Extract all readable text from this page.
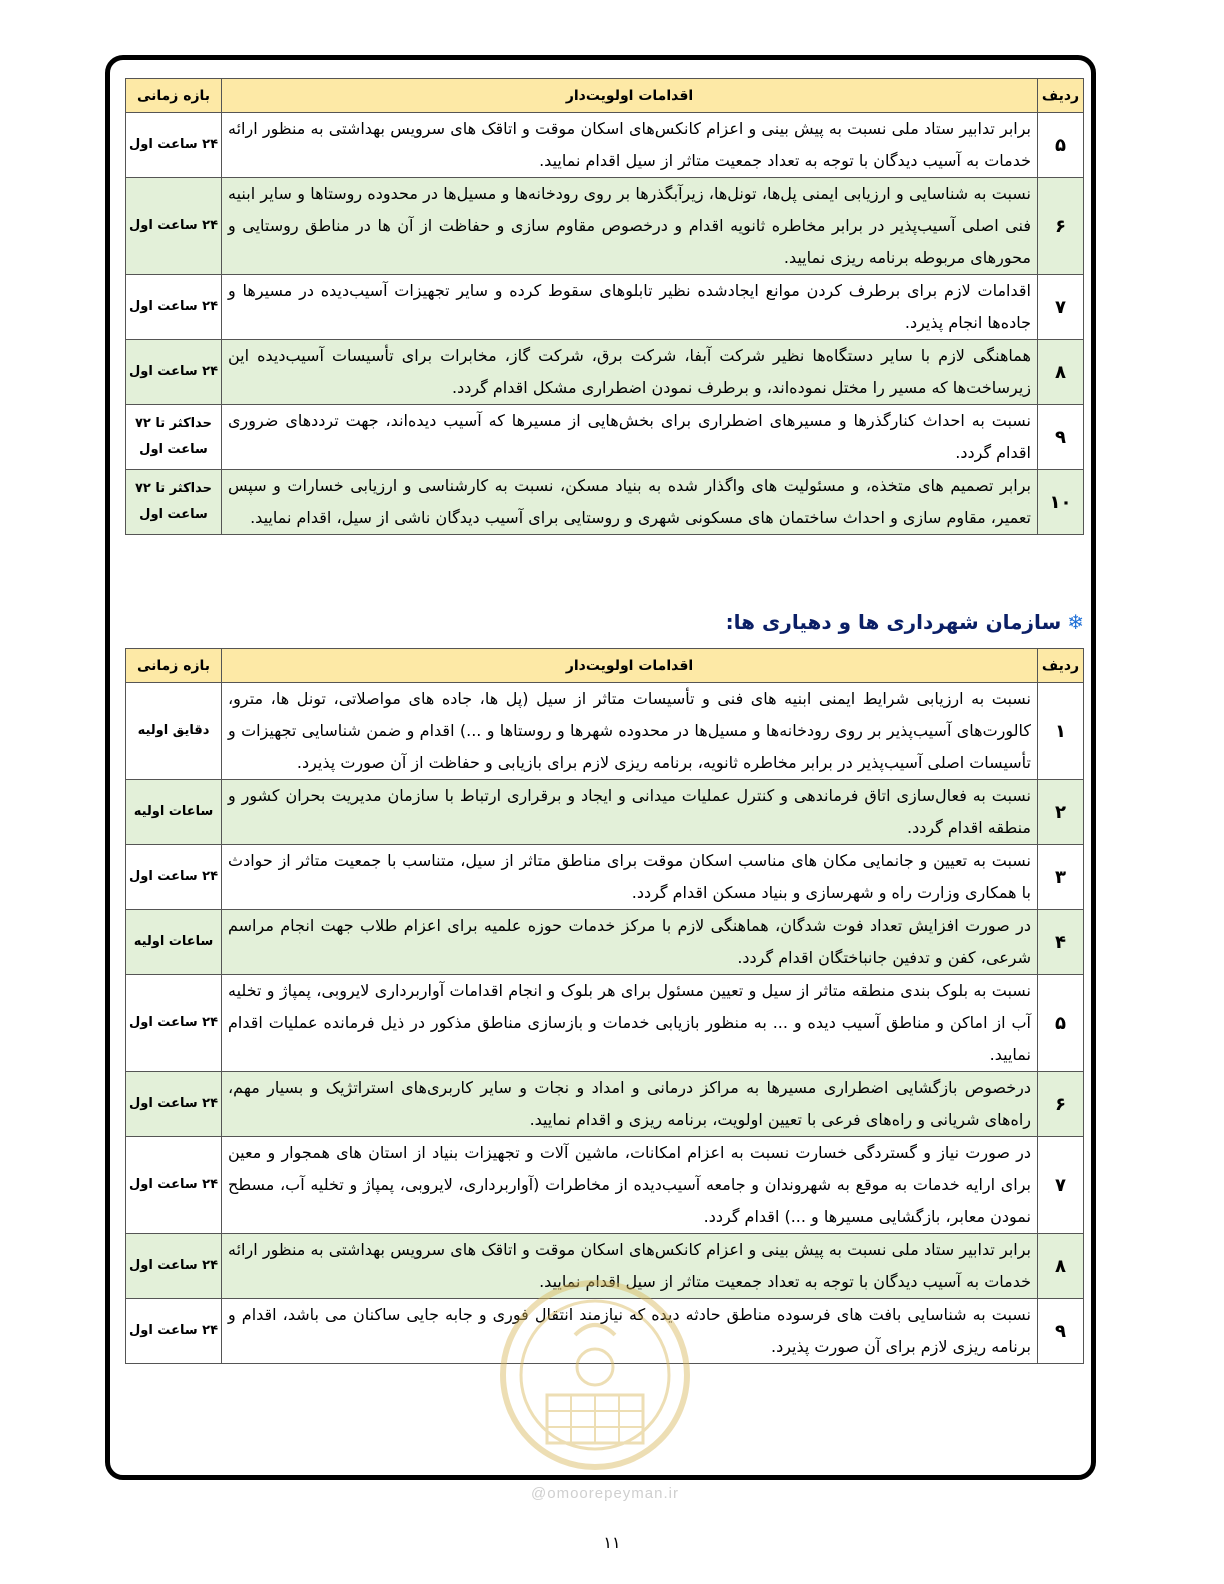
ردیف	اقدامات اولویت‌دار	بازه زمانی
۵	برابر تدابیر ستاد ملی نسبت به پیش بینی و اعزام کانکس‌های اسکان موقت و اتاقک های سرویس بهداشتی به منظور ارائه خدمات به آسیب دیدگان با توجه به تعداد جمعیت متاثر از سیل اقدام نمایید.	۲۴ ساعت اول
۶	نسبت به شناسایی و ارزیابی ایمنی پل‌ها، تونل‌ها، زیرآبگذرها بر روی رودخانه‌ها و مسیل‌ها در محدوده روستاها و سایر ابنیه فنی اصلی آسیب‌پذیر در برابر مخاطره ثانویه اقدام و درخصوص مقاوم سازی و حفاظت از آن ها در مناطق روستایی و محورهای مربوطه برنامه ریزی نمایید.	۲۴ ساعت اول
۷	اقدامات لازم برای برطرف کردن موانع ایجادشده نظیر تابلوهای سقوط کرده و سایر تجهیزات آسیب‌دیده در مسیرها و جاده‌ها انجام پذیرد.	۲۴ ساعت اول
۸	هماهنگی لازم با سایر دستگاه‌ها نظیر شرکت آبفا، شرکت برق، شرکت گاز، مخابرات برای تأسیسات آسیب‌دیده این زیرساخت‌ها که مسیر را مختل نموده‌اند، و برطرف نمودن اضطراری مشکل اقدام گردد.	۲۴ ساعت اول
۹	نسبت به احداث کنارگذرها و مسیرهای اضطراری برای بخش‌هایی از مسیرها که آسیب دیده‌اند، جهت ترددهای ضروری اقدام گردد.	حداکثر تا ۷۲ ساعت اول
۱۰	برابر تصمیم های متخذه، و مسئولیت های واگذار شده به بنیاد مسکن، نسبت به کارشناسی و ارزیابی خسارات و سپس تعمیر، مقاوم سازی و احداث ساختمان های مسکونی شهری و روستایی برای آسیب دیدگان ناشی از سیل، اقدام نمایید.	حداکثر تا ۷۲ ساعت اول
❄سازمان شهرداری ها و دهیاری ها:
ردیف	اقدامات اولویت‌دار	بازه زمانی
۱	نسبت به ارزیابی شرایط ایمنی ابنیه های فنی و تأسیسات متاثر از سیل (پل ها، جاده های مواصلاتی، تونل ها، مترو، کالورت‌های آسیب‌پذیر بر روی رودخانه‌ها و مسیل‌ها در محدوده شهرها و روستاها و ...) اقدام و ضمن شناسایی تجهیزات و تأسیسات اصلی آسیب‌پذیر در برابر مخاطره ثانویه، برنامه ریزی لازم برای بازیابی و حفاظت از آن صورت پذیرد.	دقایق اولیه
۲	نسبت به فعال‌سازی اتاق فرماندهی و کنترل عملیات میدانی و ایجاد و برقراری ارتباط با سازمان مدیریت بحران کشور و منطقه اقدام گردد.	ساعات اولیه
۳	نسبت به تعیین و جانمایی مکان های مناسب اسکان موقت برای مناطق متاثر از سیل، متناسب با جمعیت متاثر از حوادث با همکاری وزارت راه و شهرسازی و بنیاد مسکن اقدام گردد.	۲۴ ساعت اول
۴	در صورت افزایش تعداد فوت شدگان، هماهنگی لازم با مرکز خدمات حوزه علمیه برای اعزام طلاب جهت انجام مراسم شرعی، کفن و تدفین جانباختگان اقدام گردد.	ساعات اولیه
۵	نسبت به بلوک بندی منطقه متاثر از سیل و تعیین مسئول برای هر بلوک و انجام اقدامات آواربرداری لایروبی، پمپاژ و تخلیه آب از اماکن و مناطق آسیب دیده و ... به منظور بازیابی خدمات و بازسازی مناطق مذکور در ذیل فرمانده عملیات اقدام نمایید.	۲۴ ساعت اول
۶	درخصوص بازگشایی اضطراری مسیرها به مراکز درمانی و امداد و نجات و سایر کاربری‌های استراتژیک و بسیار مهم، راه‌های شریانی و راه‌های فرعی با تعیین اولویت، برنامه ریزی و اقدام نمایید.	۲۴ ساعت اول
۷	در صورت نیاز و گستردگی خسارت نسبت به اعزام امکانات، ماشین آلات و تجهیزات بنیاد از استان های همجوار و معین برای ارایه خدمات به موقع به شهروندان و جامعه آسیب‌دیده از مخاطرات (آواربرداری، لایروبی، پمپاژ و تخلیه آب، مسطح نمودن معابر، بازگشایی مسیرها و ...) اقدام گردد.	۲۴ ساعت اول
۸	برابر تدابیر ستاد ملی نسبت به پیش بینی و اعزام کانکس‌های اسکان موقت و اتاقک های سرویس بهداشتی به منظور ارائه خدمات به آسیب دیدگان با توجه به تعداد جمعیت متاثر از سیل اقدام نمایید.	۲۴ ساعت اول
۹	نسبت به شناسایی بافت های فرسوده مناطق حادثه دیده که نیازمند انتقال فوری و جابه جایی ساکنان می باشد، اقدام و برنامه ریزی لازم برای آن صورت پذیرد.	۲۴ ساعت اول
@omoorepeyman.ir
۱۱
